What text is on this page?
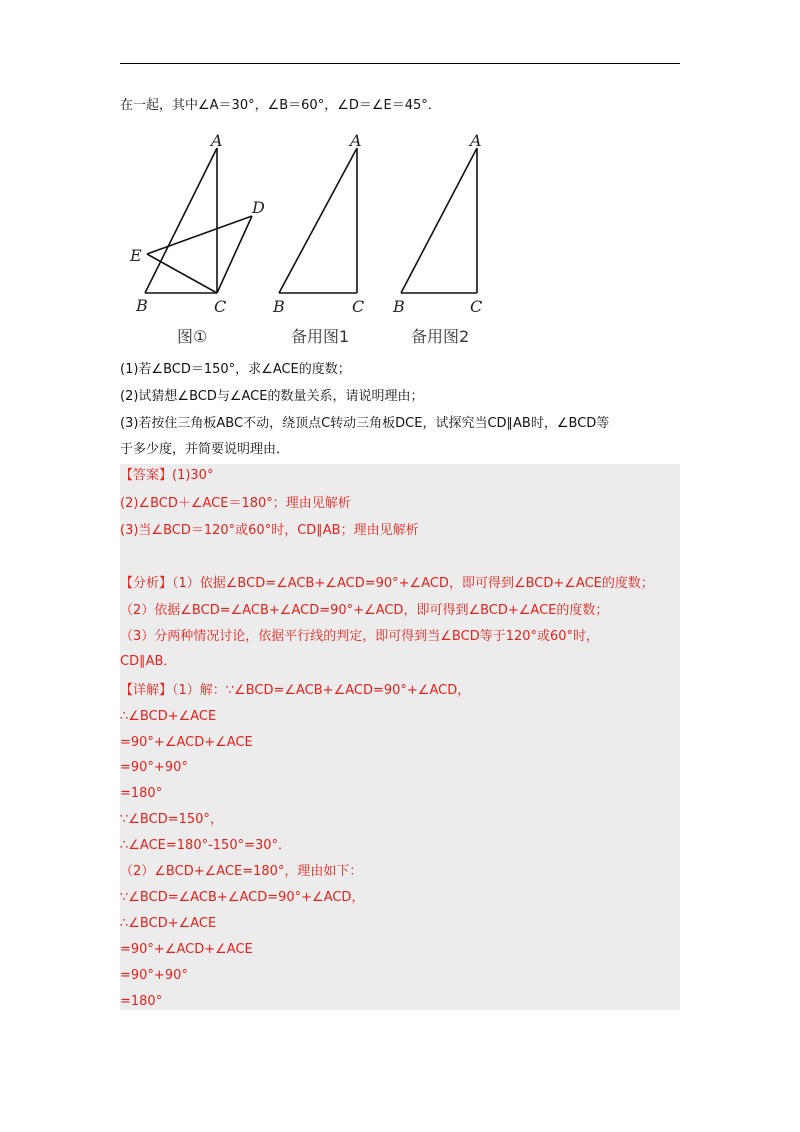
在一起，其中∠A＝30°，∠B＝60°，∠D＝∠E＝45°．
A
B	C
D
E
图①
A
B	C
备用图1
A
B	C
备用图2
(1)若∠BCD＝150°，求∠ACE的度数；
(2)试猜想∠BCD与∠ACE的数量关系，请说明理由；
(3)若按住三角板ABC不动，绕顶点C转动三角板DCE，试探究当CD∥AB时，∠BCD等
于多少度，并简要说明理由．
【答案】(1)30°
(2)∠BCD＋∠ACE＝180°；理由见解析
(3)当∠BCD＝120°或60°时，CD∥AB；理由见解析
【分析】（1）依据∠BCD=∠ACB+∠ACD=90°+∠ACD，即可得到∠BCD+∠ACE的度数；
（2）依据∠BCD=∠ACB+∠ACD=90°+∠ACD，即可得到∠BCD+∠ACE的度数；
（3）分两种情况讨论，依据平行线的判定，即可得到当∠BCD等于120°或60°时，
CD∥AB．
【详解】（1）解：∵∠BCD=∠ACB+∠ACD=90°+∠ACD，
∴∠BCD+∠ACE
=90°+∠ACD+∠ACE
=90°+90°
=180°
∵∠BCD=150°，
∴∠ACE=180°-150°=30°．
（2）∠BCD+∠ACE=180°，理由如下：
∵∠BCD=∠ACB+∠ACD=90°+∠ACD，
∴∠BCD+∠ACE
=90°+∠ACD+∠ACE
=90°+90°
=180°
